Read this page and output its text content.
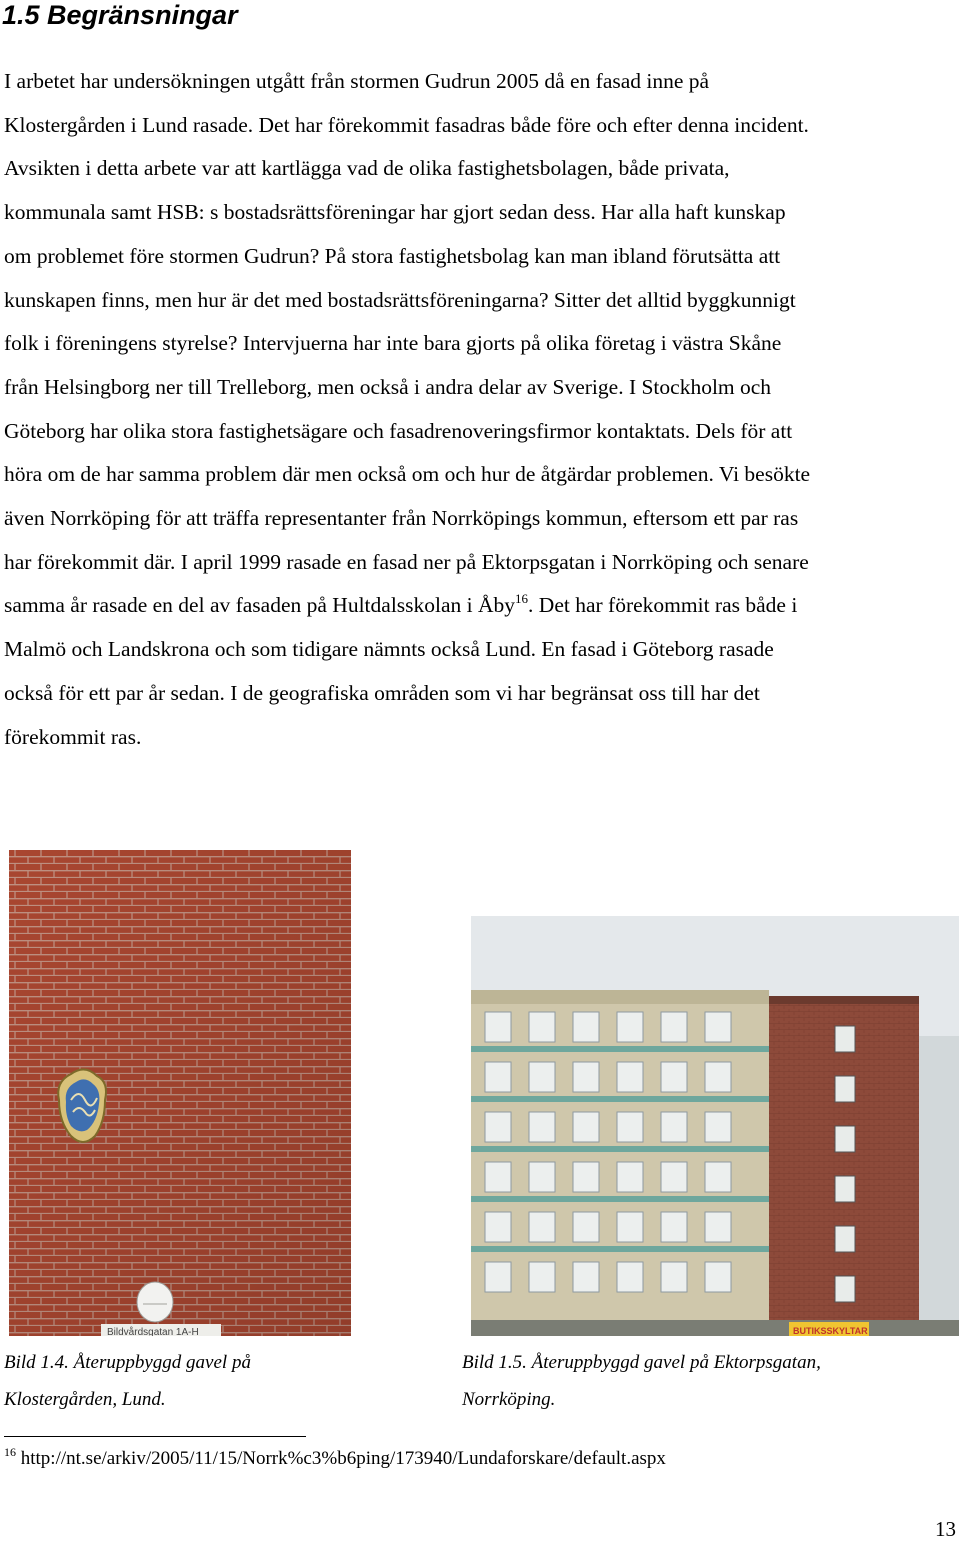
1.5 Begränsningar
I arbetet har undersökningen utgått från stormen Gudrun 2005 då en fasad inne på
Klostergården i Lund rasade. Det har förekommit fasadras både före och efter denna incident.
Avsikten i detta arbete var att kartlägga vad de olika fastighetsbolagen, både privata,
kommunala samt HSB: s bostadsrättsföreningar har gjort sedan dess. Har alla haft kunskap
om problemet före stormen Gudrun? På stora fastighetsbolag kan man ibland förutsätta att
kunskapen finns, men hur är det med bostadsrättsföreningarna? Sitter det alltid byggkunnigt
folk i föreningens styrelse? Intervjuerna har inte bara gjorts på olika företag i västra Skåne
från Helsingborg ner till Trelleborg, men också i andra delar av Sverige. I Stockholm och
Göteborg har olika stora fastighetsägare och fasadrenoveringsfirmor kontaktats. Dels för att
höra om de har samma problem där men också om och hur de åtgärdar problemen. Vi besökte
även Norrköping för att träffa representanter från Norrköpings kommun, eftersom ett par ras
har förekommit där. I april 1999 rasade en fasad ner på Ektorpsgatan i Norrköping och senare
samma år rasade en del av fasaden på Hultdalsskolan i Åby$^{16}$. Det har förekommit ras både i
Malmö och Landskrona och som tidigare nämnts också Lund. En fasad i Göteborg rasade
också för ett par år sedan. I de geografiska områden som vi har begränsat oss till har det
förekommit ras.
Bildvårdsgatan 1A-H	BUTIKSSKYLTAR

Bild 1.4. Återuppbyggd gavel på
Klostergården, Lund.

Bild 1.5. Återuppbyggd gavel på Ektorpsgatan,
Norrköping.

$^{16}$ http://nt.se/arkiv/2005/11/15/Norrk%c3%b6ping/173940/Lundaforskare/default.aspx

13
